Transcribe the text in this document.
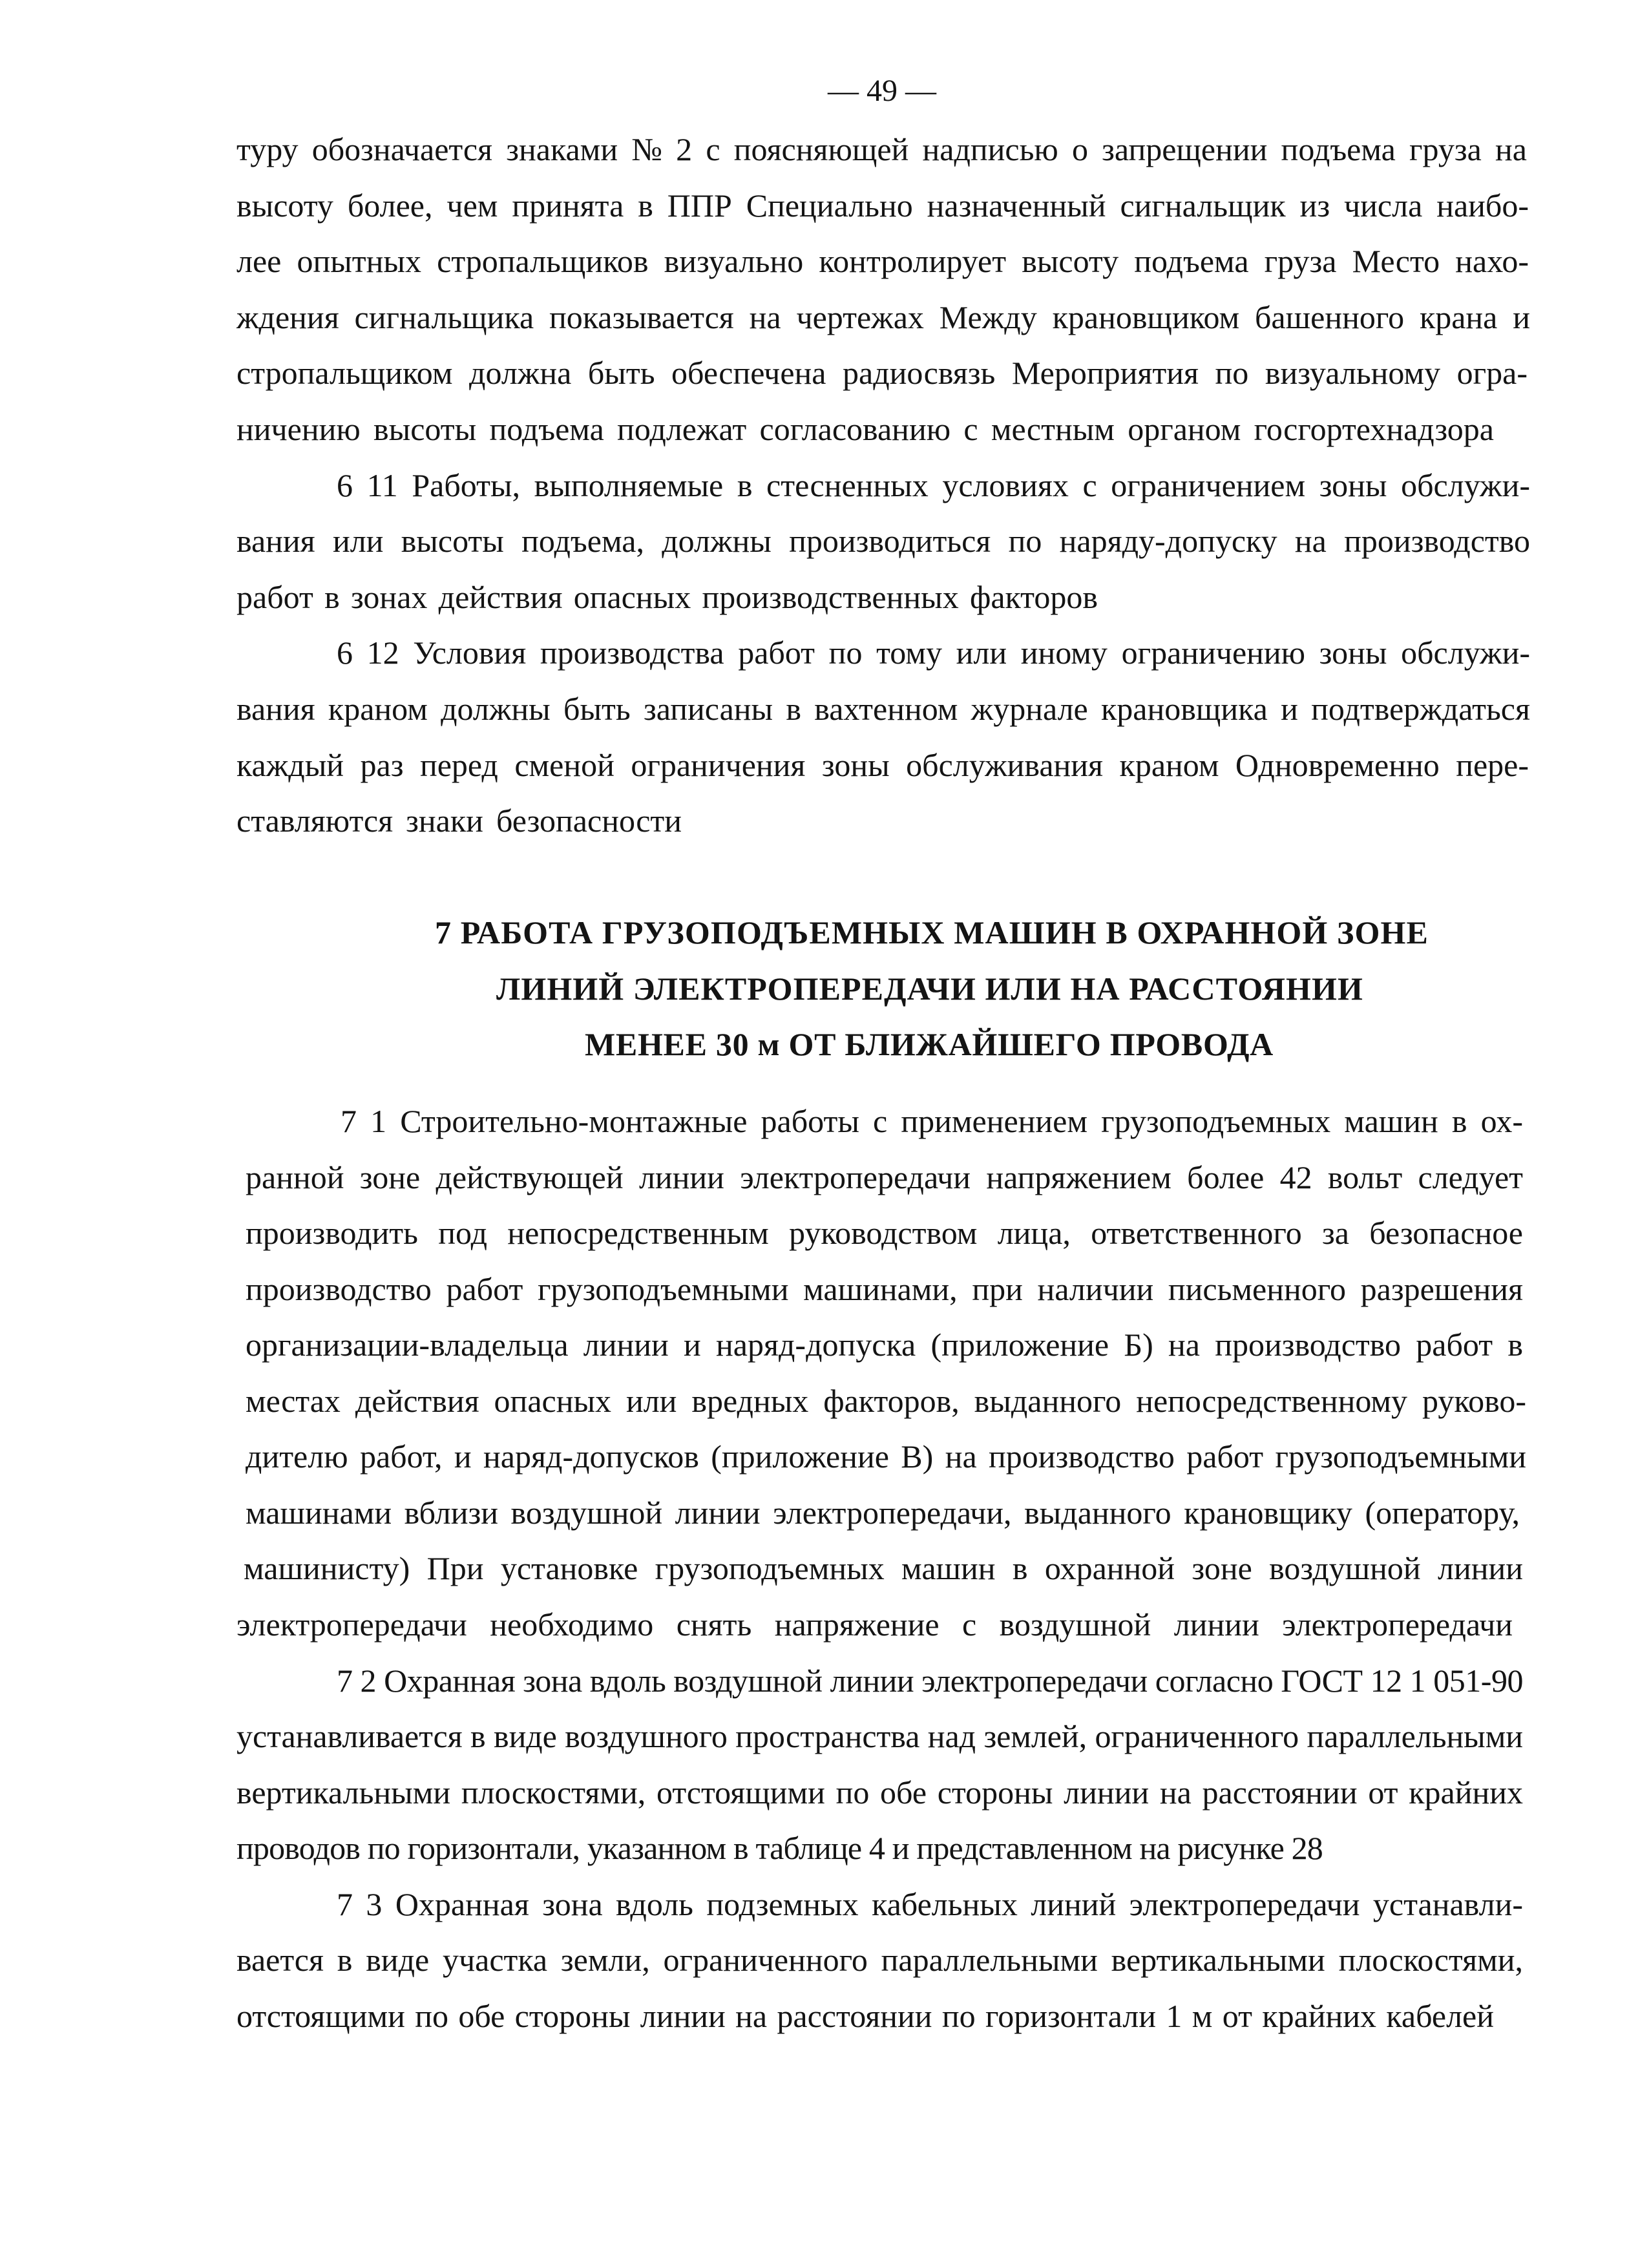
— 49 —
туру обозначается знаками № 2 с поясняющей надписью о запрещении подъема груза на
высоту более, чем принята в ППР Специально назначенный сигнальщик из числа наибо-
лее опытных стропальщиков визуально контролирует высоту подъема груза Место нахо-
ждения сигнальщика показывается на чертежах Между крановщиком башенного крана и
стропальщиком должна быть обеспечена радиосвязь Мероприятия по визуальному огра-
ничению высоты подъема подлежат согласованию с местным органом госгортехнадзора
6 11 Работы, выполняемые в стесненных условиях с ограничением зоны обслужи-
вания или высоты подъема, должны производиться по наряду-допуску на производство
работ в зонах действия опасных производственных факторов
6 12 Условия производства работ по тому или иному ограничению зоны обслужи-
вания краном должны быть записаны в вахтенном журнале крановщика и подтверждаться
каждый раз перед сменой ограничения зоны обслуживания краном Одновременно пере-
ставляются знаки безопасности
7 РАБОТА ГРУЗОПОДЪЕМНЫХ МАШИН В ОХРАННОЙ ЗОНЕ
ЛИНИЙ ЭЛЕКТРОПЕРЕДАЧИ ИЛИ НА РАССТОЯНИИ
МЕНЕЕ 30 м ОТ БЛИЖАЙШЕГО ПРОВОДА
7 1 Строительно-монтажные работы с применением грузоподъемных машин в ох-
ранной зоне действующей линии электропередачи напряжением более 42 вольт следует
производить под непосредственным руководством лица, ответственного за безопасное
производство работ грузоподъемными машинами, при наличии письменного разрешения
организации-владельца линии и наряд-допуска (приложение Б) на производство работ в
местах действия опасных или вредных факторов, выданного непосредственному руково-
дителю работ, и наряд-допусков (приложение В) на производство работ грузоподъемными
машинами вблизи воздушной линии электропередачи, выданного крановщику (оператору,
машинисту) При установке грузоподъемных машин в охранной зоне воздушной линии
электропередачи необходимо снять напряжение с воздушной линии электропередачи
7 2 Охранная зона вдоль воздушной линии электропередачи согласно ГОСТ 12 1 051-90
устанавливается в виде воздушного пространства над землей, ограниченного параллельными
вертикальными плоскостями, отстоящими по обе стороны линии на расстоянии от крайних
проводов по горизонтали, указанном в таблице 4 и представленном на рисунке 28
7 3 Охранная зона вдоль подземных кабельных линий электропередачи устанавли-
вается в виде участка земли, ограниченного параллельными вертикальными плоскостями,
отстоящими по обе стороны линии на расстоянии по горизонтали 1 м от крайних кабелей
